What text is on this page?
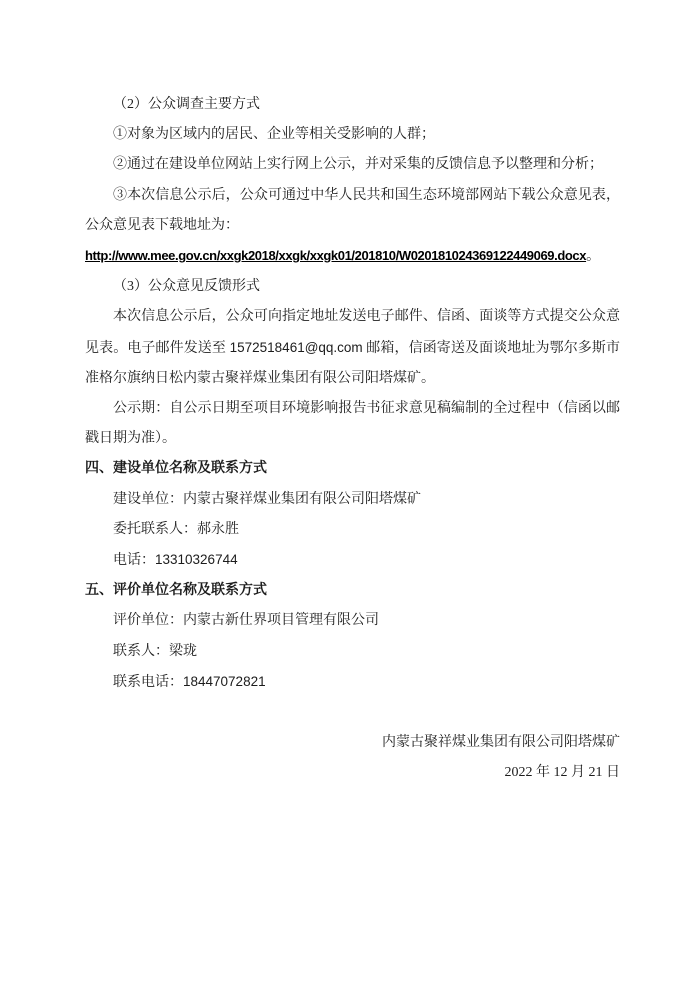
（2）公众调查主要方式

①对象为区域内的居民、企业等相关受影响的人群；

②通过在建设单位网站上实行网上公示，并对采集的反馈信息予以整理和分析；

③本次信息公示后，公众可通过中华人民共和国生态环境部网站下载公众意见表，

公众意见表下载地址为：

http://www.mee.gov.cn/xxgk2018/xxgk/xxgk01/201810/W020181024369122449069.docx。

（3）公众意见反馈形式

本次信息公示后，公众可向指定地址发送电子邮件、信函、面谈等方式提交公众意

见表。电子邮件发送至 1572518461@qq.com 邮箱，信函寄送及面谈地址为鄂尔多斯市

准格尔旗纳日松内蒙古聚祥煤业集团有限公司阳塔煤矿。

公示期：自公示日期至项目环境影响报告书征求意见稿编制的全过程中（信函以邮

戳日期为准）。

四、建设单位名称及联系方式

建设单位：内蒙古聚祥煤业集团有限公司阳塔煤矿

委托联系人：郝永胜

电话：13310326744

五、评价单位名称及联系方式

评价单位：内蒙古新仕界项目管理有限公司

联系人：梁珑

联系电话：18447072821

内蒙古聚祥煤业集团有限公司阳塔煤矿

2022 年 12 月 21 日
